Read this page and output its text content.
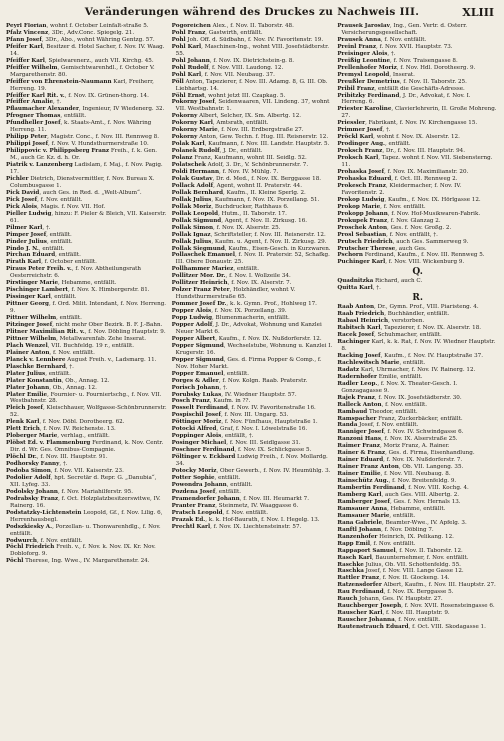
Veränderungen während des Druckes zu Nachweis III.	XLIII
Peyrl Florian, wohnt f. October Leinfalt-straße 5.
Pfalz Vincenz, 3Dr., Adv.Conc. Spiegelg. 21.
Pfann Josef, 3Dr., Abo., wohnt Währing Gentzg. 57.
Pfeifer Karl, Besitzer d. Hotel Sacher, f. Nov. IV. Waag. 14.
Pfeiffer Karl, Spielwarenerz., auch VII. Kirchg. 45.
Pfeiffer Wilhelm, Gemischtwarenhdl., f. October V. Margarethenstr. 80.
Pfeiffer von Ehrenstein-Naumann Karl, Freiherr, Herreng. 19.
Pfeiffer Karl Rit. v., f. Nov. IX. Grünen-thorg. 14.
Pfeiffer Amalie, †.
Pflaumacher Alexander, Ingenieur, IV Wiedenerg. 32.
Pfrogner Thomas, entfällt.
Pfundheller Josef, k. Staats-Amt., f. Nov. Währing Herreng. 11.
Philipp Peter, Magistr. Conc., f. Nov. III. Rennweg 8.
Philippi Josef, f. Nov. V. Hundsthurmerstraße 10.
Philippovic v. Philippsberg Franz Freih., f. k. Gen. M., auch Gr. Kz. d. h. Or.
Piatrik v. Lanzenberg Ladislam, f. Maj., f. Nov. Pagig. 17.
Pichler Dietrich, Dienstvermittler, f. Nov. Bureau X. Columbusgasse 1.
Pick David, auch Ges. in Red. d. „Welt-Album“.
Pick Josef, f. Nov. entfällt.
Pick Alois, Magis. f. Nov. VII. Hof.
Pieller Ludwig, hinzu: F. Pieler & Bleich, VII. Kaiserstr. 61.
Pilmer Karl, †.
Pimper Josef, entfällt.
Pinder Julius, entfällt.
Pindo J. N., entfällt.
Pirchan Eduard, entfällt.
Pirath Karl, f. October entfällt.
Piraus Peter Freih. v., f. Nov. Abtheilungsrath Oesterreichstr. 6.
Pirstinger Marie, Hebamme, entfällt.
Pischinger Lambert, f. Nov. X. Himbergerstr. 81.
Pissinger Karl, entfällt.
Pittner Georg, f. Ord. Milit. Intendant, f. Nov. Herreng. 9.
Pittner Wilhelm, entfällt.
Pitzinger Josef, nicht mehr Ober Bezirk. B. F. J.-Bahn.
Plitner Maximilian Rit. v., f. Nov. Döbling Hauptstr. 9.
Pittner Wilhelm, Metallwarenfab. Zehe Inserat.
Plach Wenzel, VII. Buchfeldg. 19 r., entfällt.
Plainer Anton, f. Nov. entfällt.
Planck v. Lennbere August Freih. v., Ladsmarg. 11.
Plaschke Bernhard, †.
Plater Julius, entfällt.
Plater Konstantin, Ob., Annag. 12.
Plater Johann, Ob., Annag. 12.
Plater Emilie, Fournier- u. Fourniertschg., f. Nov. VII. Westbahnstr. 28.
Pleich Josef, Kleischhauer, Wolfgasse-Schönbrunnerstr. 52.
Plenk Karl, f. Nov. Döbl. Dorotheerg. 62.
Plett Erich, f. Nov. IV. Reichenste. 13.
Ploberger Marie, verhlag., entfällt.
Plöbst Ed. v. Flammenburg Ferdinand, k. Nov. Centr. Dir. d. Wr. Ges. Omnibus-Compagnie.
Plöchl Dr., f. Nov. III. Hauptstr. 91.
Podhorsky Fanny, †.
Podoba Simon, f. Nov. VII. Kaiserstr. 23.
Podolier Adolf, hpt. Secretär d. Repr. G. „Danubia“, XII. Lyfeg. 33.
Podolsky Johann, f. Nov. Mariahilferstr. 95.
Podrabsky Franz, f. Oct. Holzplatzbesitzerswitwe, IV. Rainerg. 16.
Podstatzky-Lichtenstein Leopold, Gf., f. Nov. Lilig. 6, Herrenhausbegl.
Podszkiesky A., Porzellan- u. Thonwarenhdlg., f. Nov. entfällt.
Podwurch, f. Nov. entfällt.
Pöchl Friedrich Freih. v., f. Nov. k. Nov. IX. Kr. Nov. Dobloforg. 9.
Pöchl Therese, Ing. Wwe., IV. Margarethenstr. 24.
Pogoreichen Alex., f. Nov. II. Taborstr. 48.
Pohl Franz, Gastwirth, entfällt.
Pohl Joh. Off. d. Südbahn, f. Nov. IV. Favoritenstr. 19.
Pohl Karl, Maschinen-Ing., wohnt VIII. Josefstädterstr. 55.
Pohl Johann, f. Nov. IX. Dietrichstein-g. 8.
Pohl Rudolf, f. Nov. VIII. Laudong. 12.
Pohl Karl, f. Nov. VII. Neubaug. 37.
Pöll Anton, Tapezierer, f. Nov. III. Adamg. 8, G. III. Ob. Liebhartsg. 14.
Pöhl Ernst, wohnt jetzt III. Czapkag. 5.
Pokorny Josef, Seidenwaaren, VII. Lindeng. 37, wohnt VII. Westbahnstr. 1.
Pokorny Albert, Selcher, IX. Sm. Albertg. 12.
Pokorny Karl, Amtsrath, entfällt.
Pokorny Marie, f. Nov. III. Erdbergstraße 27.
Pokorny Anton, Gew. Techn. f. Hug. III. Reisnerstr. 12.
Polak Karl, Kaufmann, f. Nov. III. Landstr. Hauptstr. 5.
Polanek Rudolf, J. Dr., entfällt.
Polanz Franz, Kaufmann, wohnt III. Seidlg. 52.
Polatschek Adolf, 3. Dr., V. Schönbrunnerstr. 7.
Poldi Hermann, f. Nov. IV. Mühlg. 7.
Polak Gustav, Dr. d. Med., f. Nov. IX. Berggasse 18.
Pollack Adolf, Agent, wohnt II. Praterstr. 44.
Pollak Bernhard, Kaufm., II. Kleine Sperlg. 2.
Pollak Julius, Kaufmann, f. Nov. IX. Porzellang. 51.
Pollak Moriz, Buchdrucker, Rathhaus 6.
Pollak Leopold, Hutm., II. Taborstr. 17.
Pollak Sigmund, Agent, f. Nov. II. Zirkusg. 16.
Pollak Simon, f. Nov. IX. Alserstr. 25.
Pollak Ignaz, Schriftsteller, f. Nov. III. Reisnerstr. 12.
Pollak Julius, Kaufm. u. Agent, f. Nov. II. Zirkusg. 29.
Pollak Siegmund, Kaufm., Eisen-Gesch. in Kurzwaren.
Pollaschek Emanuel, f. Nov. II. Pratersir. 52, Schafkg. III. Obere Donaustr. 25.
Pollhammer Mariez, entfällt.
Pollitzer Mor. Dr., f. Nov. I. Wollzeile 34.
Pollitzer Heinrich, f. Nov. IX. Alserstr. 7.
Polzer Franz Peter, Holzhändler, wohnt V. Hundsthurmerstraße 65.
Pommer Josef Dr., k. k. Gymn. Prof., Hohlweg 17.
Popper Alois, f. Nov. IX. Porzellang. 39.
Popp Ludwig, Blumenmacherin, entfällt.
Popper Adolf, J. Dr., Advokat, Wohnung und Kanzlei Neuer Markt 6.
Popper Albert, Kaufm., f. Nov. IX. Nußdorferstr. 12.
Popper Sigmund, Wechselstube, Wohnung u. Kanzlei I. Krugerstr. 16.
Popper Sigmund, Ges. d. Firma Popper & Comp., f. Nov. Hoher Markt.
Popper Emanuel, entfällt.
Porges & Adler, f. Nov. Kolgn. Raab. Praterstr.
Porisch Johann, †.
Porubsky Lukas, IV. Wiedner Hauptstr. 57.
Posch Franz, Kaufm. in ??.
Posselt Ferdinand, f. Nov. IV. Favoritenstraße 16.
Pospischil Josef, f. Nov. III. Ungarg. 53.
Pöttinger Moriz, f. Nov. Fünfhaus, Hauptstraße 1.
Potocki Alfred, Graf, f. Nov. I. Löwelstraße 16.
Poppinger Alois, entfällt, †.
Posinger Michael, f. Nov. III. Seidlgasse 31.
Poschner Ferdinand, f. Nov. IX. Schlickgasse 5.
Pöltinger v. Eckbard Ludwig Freih., f. Nov. Mollardg. 34.
Potocky Moriz, Ober Gewerb., f. Nov. IV. Heumühlg. 3.
Potter Sophie, entfällt.
Powondra Johann, entfällt.
Pozdena Josef, entfällt.
Pramendorfer Johann, f. Nov. III. Heumarkt 7.
Pranter Franz, Steinmetz, IV. Waaggasse 6.
Pratsch Leopold, f. Nov. entfällt.
Prazak Ed., k. k. Hof-Baurath, f. Nov. I. Hegelg. 13.
Prechtl Karl, f. Nov. IX. Liechtensteinstr. 57.
Prausek Jaroslav, Ing., Gen. Vertr. d. Österr. Versicherungsgesellschaft.
Prausek Anna, f. Nov. entfällt.
Preinl Franz, f. Nov. XVII. Hauptstr. 73.
Preisinger Alois, †.
Preißig Leontine, f. Nov. Traisengasse 8.
Prellenhofer Moriz, f. Nov. Hdl. Dorotheerg. 9.
Premysl Leopold, Inserat.
Preußler Demetrius, f. Nov. II. Taborstr. 25.
Pribil Franz, entfällt die Geschäfts-Adresse.
Pribitzky Ferdinand, J. Dr., Advokat, f. Nov. I. Herreng. 6.
Priester Karoline, Clavierlehrerin, II. Große Mohreng. 27.
Priessler, Fabrikant, f. Nov. IV. Kirchengasse 15.
Primmer Josef, †.
Pröckl Karl, wohnt f. Nov. IX. Alserstr. 12.
Prodinger Aug., entfällt.
Proksch Franz, Dr., f. Nov. III. Hauptstr. 94.
Proksch Karl, Tapez. wohnt f. Nov. VII. Siebensterng. 11.
Prohaska Josef, f. Nov. IX. Maximilianstr. 20.
Prohaska Eduard, f. Oct. III. Rennweg 2.
Prokesch Franz, Kleidermacher, f. Nov. IV. Favoritenstr. 2.
Prokop Ludwig, Kaufm., f. Nov. IX. Hörlgasse 12.
Prokop Marie, f. Nov. entfällt.
Prokopp Johann, f. Nov. Hof-Musikwaren-Fabrik.
Prokupek Franz, f. Nov. Glanzag 2.
Proschek Anton, Ges. f. Nov. Großg. 2.
Prosl Sebastian, f. Nov. entfällt, †.
Prutsch Friedrich, auch Ges. Sammerweg 9.
Prutscher Therese, auch Ges.
Pschorn Ferdinand, Kaufm., f. Nov. III. Rennweg 5.
Puchinger Karl, f. Nov. VIII. Wickenburg 9.
Q.
Quadnitzka Richard, auch C.
Quitta Karl, †.
R.
Raab Anton, Dr., Gymn. Prof., VIII. Piaristeng. 4.
Raab Friedrich, Buchhändler, entfällt.
Rabasl Heinrich, verstorben.
Rabitsch Karl, Tapezierer, f. Nov. IX. Alserstr. 18.
Racek Josef, Schuhmacher, entfällt.
Rachinger Karl, k. k. Rat, f. Nov. IV. Wiedner Hauptstr. 8.
Racking Josef, Kaufm., f. Nov. IV. Hauptstraße 37.
Rachlewitsch Marie, entfällt.
Radatz Karl, Uhrmacher, f. Nov. IV. Rainerg. 12.
Radernhofer Emilie, entfällt.
Radler Leop., f. Nov. X. Theater-Gesch. I. Gonzagagasse 9.
Rajek Franz, f. Nov. IX. Josefstädterstr. 30.
Ralleck Anton, f. Nov. entfällt.
Rambaud Theodor, entfällt.
Ramspacher Franz, Zuckerbäcker, entfällt.
Randa Josef, f. Nov. entfällt.
Ranniger Josef, f. Nov. IV. Schwindgasse 6.
Ranzoni Hans, f. Nov. IX. Alserstraße 25.
Raimer Franz, Moriz Franz, A. Rainer.
Rainer & Franz, Ges. d. Firma, Eisenhandlung.
Rainer Eduard, f. Nov. IX. Nußdorferstr. 7.
Rainer Franz Anton, Ob. VII. Langeng. 35.
Rainer Emilie, f. Nov. VII. Neubaug. 8.
Rainschütz Aug., f. Nov. Breitenfeldg. 9.
Rambertin Ferdinand, f. Nov. VIII. Kochg. 4.
Ramberg Karl, auch Ges. VIII. Albertg. 2.
Ramberger Josef, Ges. f. Nov. Hernals 13.
Ramsauer Anna, Hebamme, entfällt.
Ramsauer Marie, entfällt.
Rana Gabriele, Beamter-Wwe., IV. Apfelg. 3.
Ranftl Johann, f. Nov. Döbling 7.
Ranzenhofer Heinrich, IX. Pelikang. 12.
Rapp Emil, f. Nov. entfällt.
Rappaport Samuel, f. Nov. II. Taborstr. 12.
Rasch Karl, Bauunternehmer, f. Nov. entfällt.
Raschke Julius, Ob. VII. Schottenfeldg. 55.
Raschka Josef, f. Nov. VIII. Lange Gasse 12.
Rattler Franz, f. Nov. II. Glockeng. 14.
Ratzensdorfer Albert, Kaufm., f. Nov. III. Hauptstr. 27.
Rau Ferdinand, f. Nov. IX. Berggasse 5.
Rauch Johann, Ges. IV. Hauptstr. 27.
Rauchberger Joseph, f. Nov. XVII. Rosensteingasse 6.
Rauscher Karl, f. Nov. III. Hauptstr. 9.
Rauscher Johanna, f. Nov. entfällt.
Rautenstrauch Eduard, f. Oct. VIII. Skodagasse 1.
